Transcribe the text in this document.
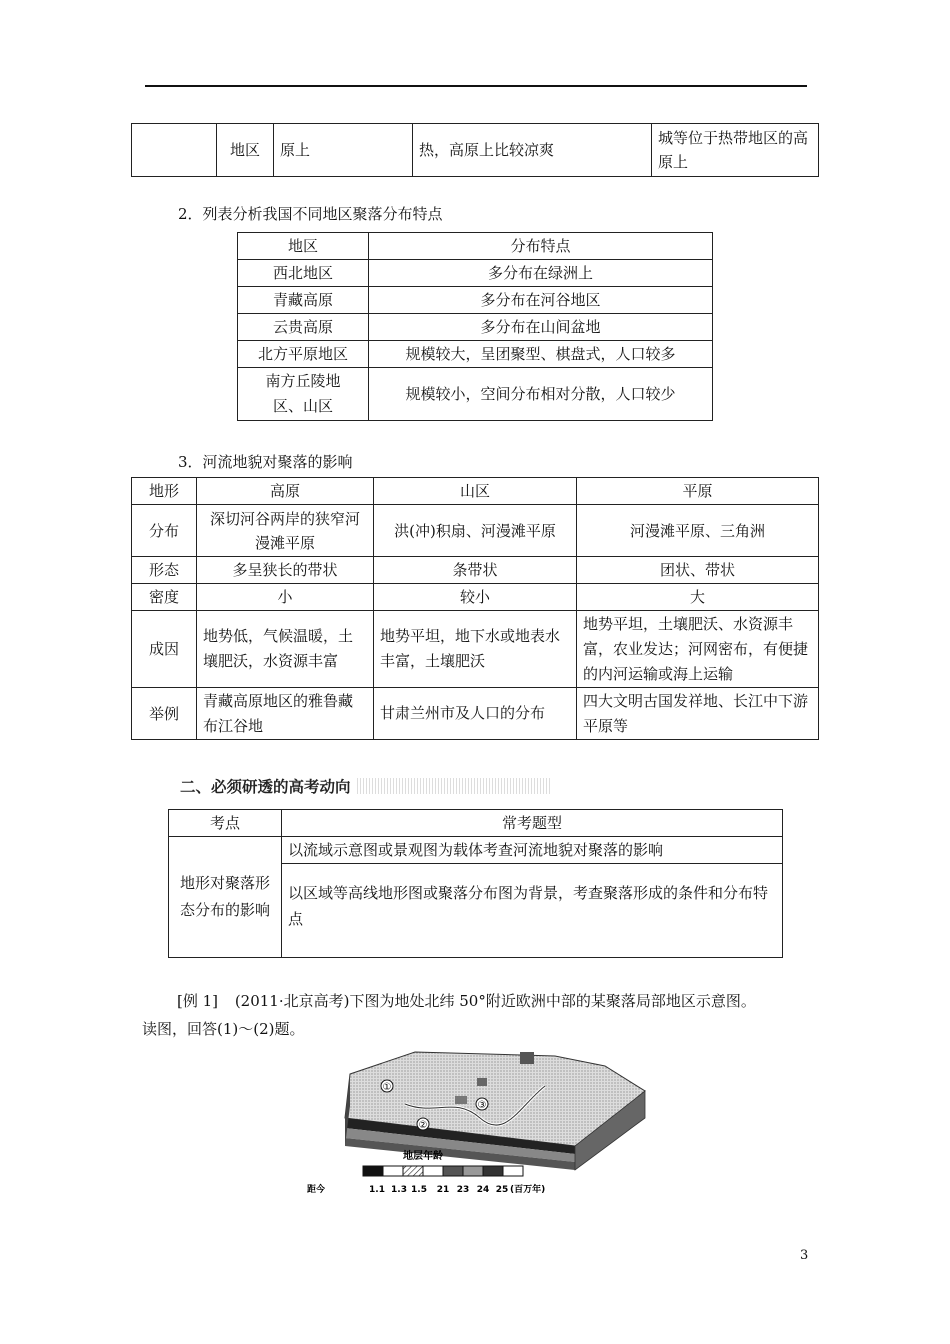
	地区	原上	热，高原上比较凉爽	城等位于热带地区的高原上
2．列表分析我国不同地区聚落分布特点
地区	分布特点
西北地区	多分布在绿洲上
青藏高原	多分布在河谷地区
云贵高原	多分布在山间盆地
北方平原地区	规模较大，呈团聚型、棋盘式，人口较多
南方丘陵地区、山区	规模较小，空间分布相对分散，人口较少
3．河流地貌对聚落的影响
地形	高原	山区	平原
分布	深切河谷两岸的狭窄河漫滩平原	洪(冲)积扇、河漫滩平原	河漫滩平原、三角洲
形态	多呈狭长的带状	条带状	团状、带状
密度	小	较小	大
成因	地势低，气候温暖，土壤肥沃，水资源丰富	地势平坦，地下水或地表水丰富，土壤肥沃	地势平坦，土壤肥沃、水资源丰富，农业发达；河网密布，有便捷的内河运输或海上运输
举例	青藏高原地区的雅鲁藏布江谷地	甘肃兰州市及人口的分布	四大文明古国发祥地、长江中下游平原等
二、必须研透的高考动向
考点	常考题型
地形对聚落形态分布的影响	以流域示意图或景观图为载体考查河流地貌对聚落的影响
	以区域等高线地形图或聚落分布图为背景，考查聚落形成的条件和分布特点
[例 1] (2011·北京高考)下图为地处北纬 50°附近欧洲中部的某聚落局部地区示意图。
读图，回答(1)～(2)题。
①
②
③
地层年龄
距今	1.1 1.3 1.5 21 23 24 25 (百万年)
3
